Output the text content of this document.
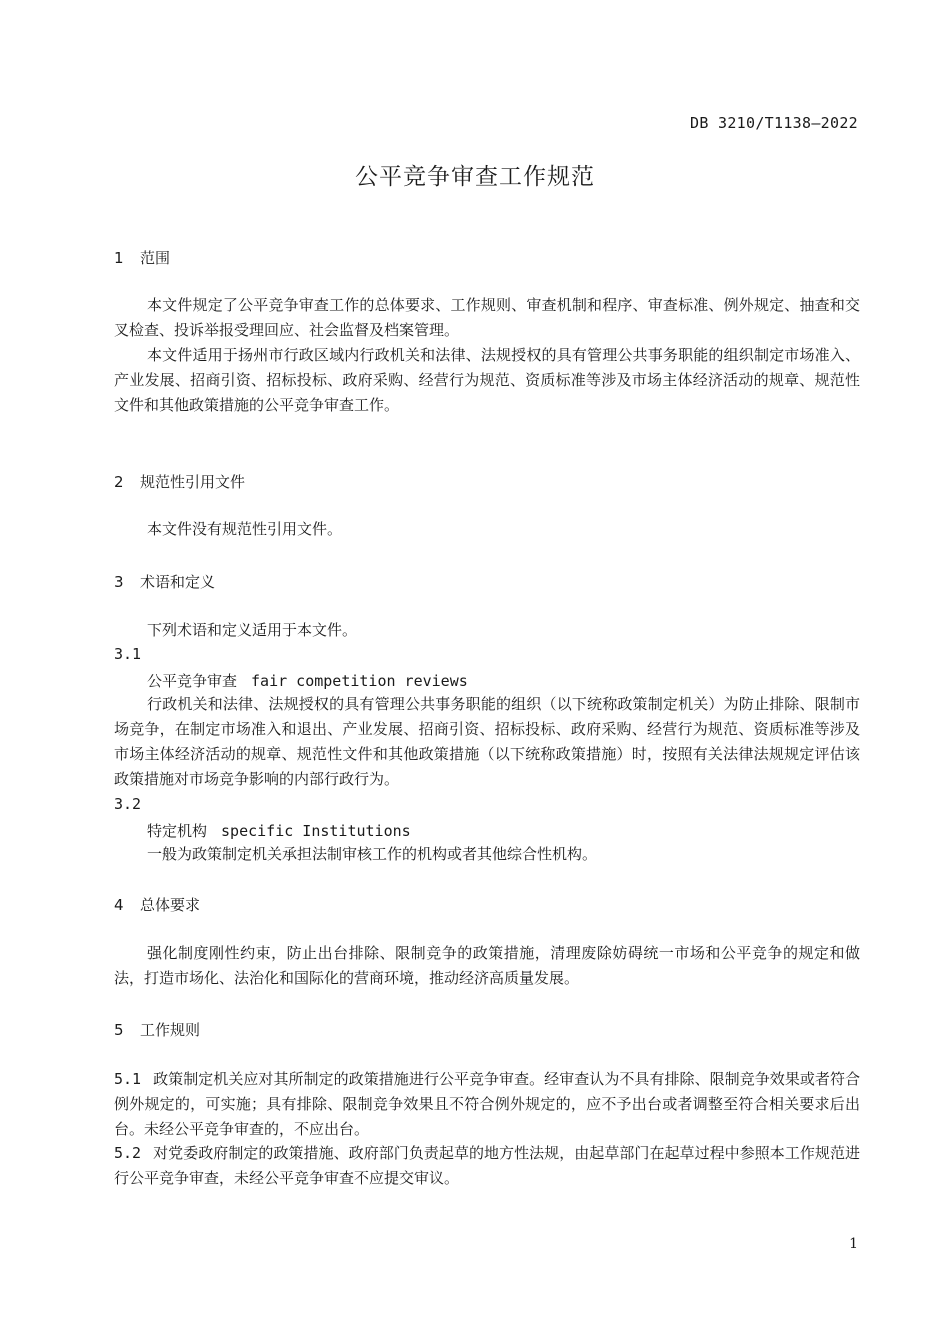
DB 3210/T1138—2022
公平竞争审查工作规范
1 范围
本文件规定了公平竞争审查工作的总体要求、工作规则、审查机制和程序、审查标准、例外规定、抽查和交叉检查、投诉举报受理回应、社会监督及档案管理。
本文件适用于扬州市行政区域内行政机关和法律、法规授权的具有管理公共事务职能的组织制定市场准入、产业发展、招商引资、招标投标、政府采购、经营行为规范、资质标准等涉及市场主体经济活动的规章、规范性文件和其他政策措施的公平竞争审查工作。
2 规范性引用文件
本文件没有规范性引用文件。
3 术语和定义
下列术语和定义适用于本文件。
3.1
公平竞争审查 fair competition reviews
行政机关和法律、法规授权的具有管理公共事务职能的组织（以下统称政策制定机关）为防止排除、限制市场竞争，在制定市场准入和退出、产业发展、招商引资、招标投标、政府采购、经营行为规范、资质标准等涉及市场主体经济活动的规章、规范性文件和其他政策措施（以下统称政策措施）时，按照有关法律法规规定评估该政策措施对市场竞争影响的内部行政行为。
3.2
特定机构 specific Institutions
一般为政策制定机关承担法制审核工作的机构或者其他综合性机构。
4 总体要求
强化制度刚性约束，防止出台排除、限制竞争的政策措施，清理废除妨碍统一市场和公平竞争的规定和做法，打造市场化、法治化和国际化的营商环境，推动经济高质量发展。
5 工作规则
5.1 政策制定机关应对其所制定的政策措施进行公平竞争审查。经审查认为不具有排除、限制竞争效果或者符合例外规定的，可实施；具有排除、限制竞争效果且不符合例外规定的，应不予出台或者调整至符合相关要求后出台。未经公平竞争审查的，不应出台。
5.2 对党委政府制定的政策措施、政府部门负责起草的地方性法规，由起草部门在起草过程中参照本工作规范进行公平竞争审查，未经公平竞争审查不应提交审议。
1
